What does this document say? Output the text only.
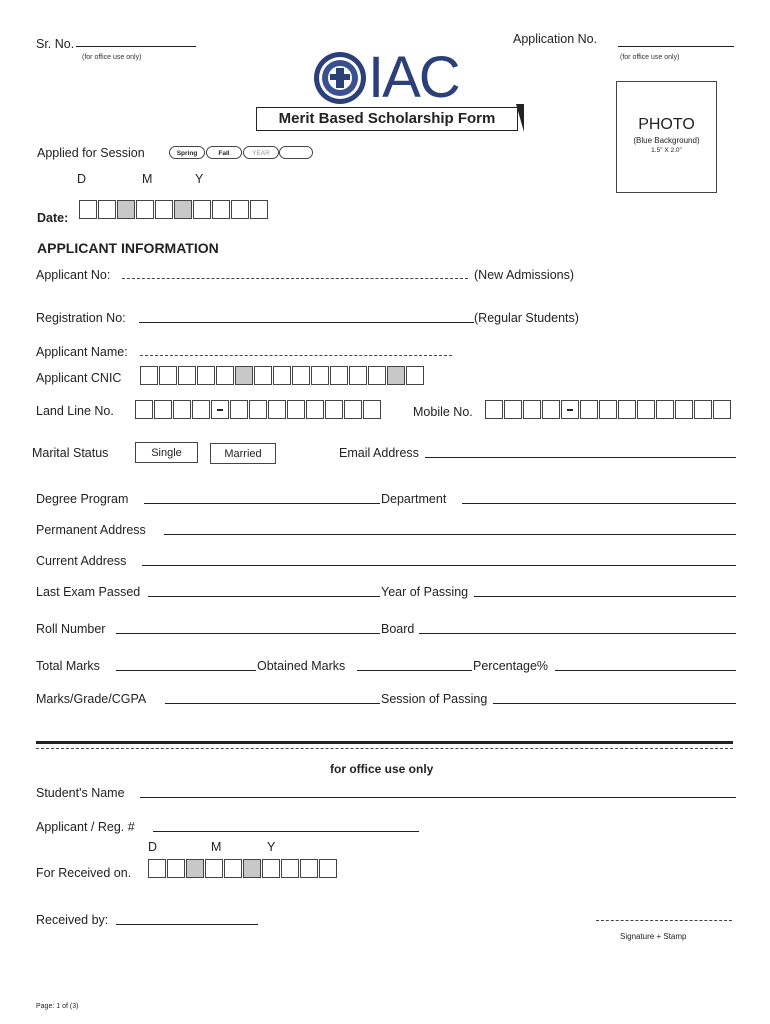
Sr. No.
(for office use only)
Application No.
(for office use only)
IAC
Merit Based Scholarship Form	PHOTO
(Blue Background)
1.5" X 2.0"
Applied for Session	Spring	Fall	YEAR
D	M	Y
Date:
APPLICANT INFORMATION
Applicant No:	(New Admissions)
Registration No:	(Regular Students)
Applicant Name:
Applicant CNIC
Land Line No.	Mobile No.
Marital Status	Single	Married	Email Address
Degree Program	Department
Permanent Address
Current Address
Last Exam Passed	Year of Passing
Roll Number	Board
Total Marks	Obtained Marks	Percentage%
Marks/Grade/CGPA	Session of Passing
for office use only
Student's Name
Applicant / Reg. #
D	M	Y
For Received on.
Received by:
Signature + Stamp
Page: 1 of (3)
